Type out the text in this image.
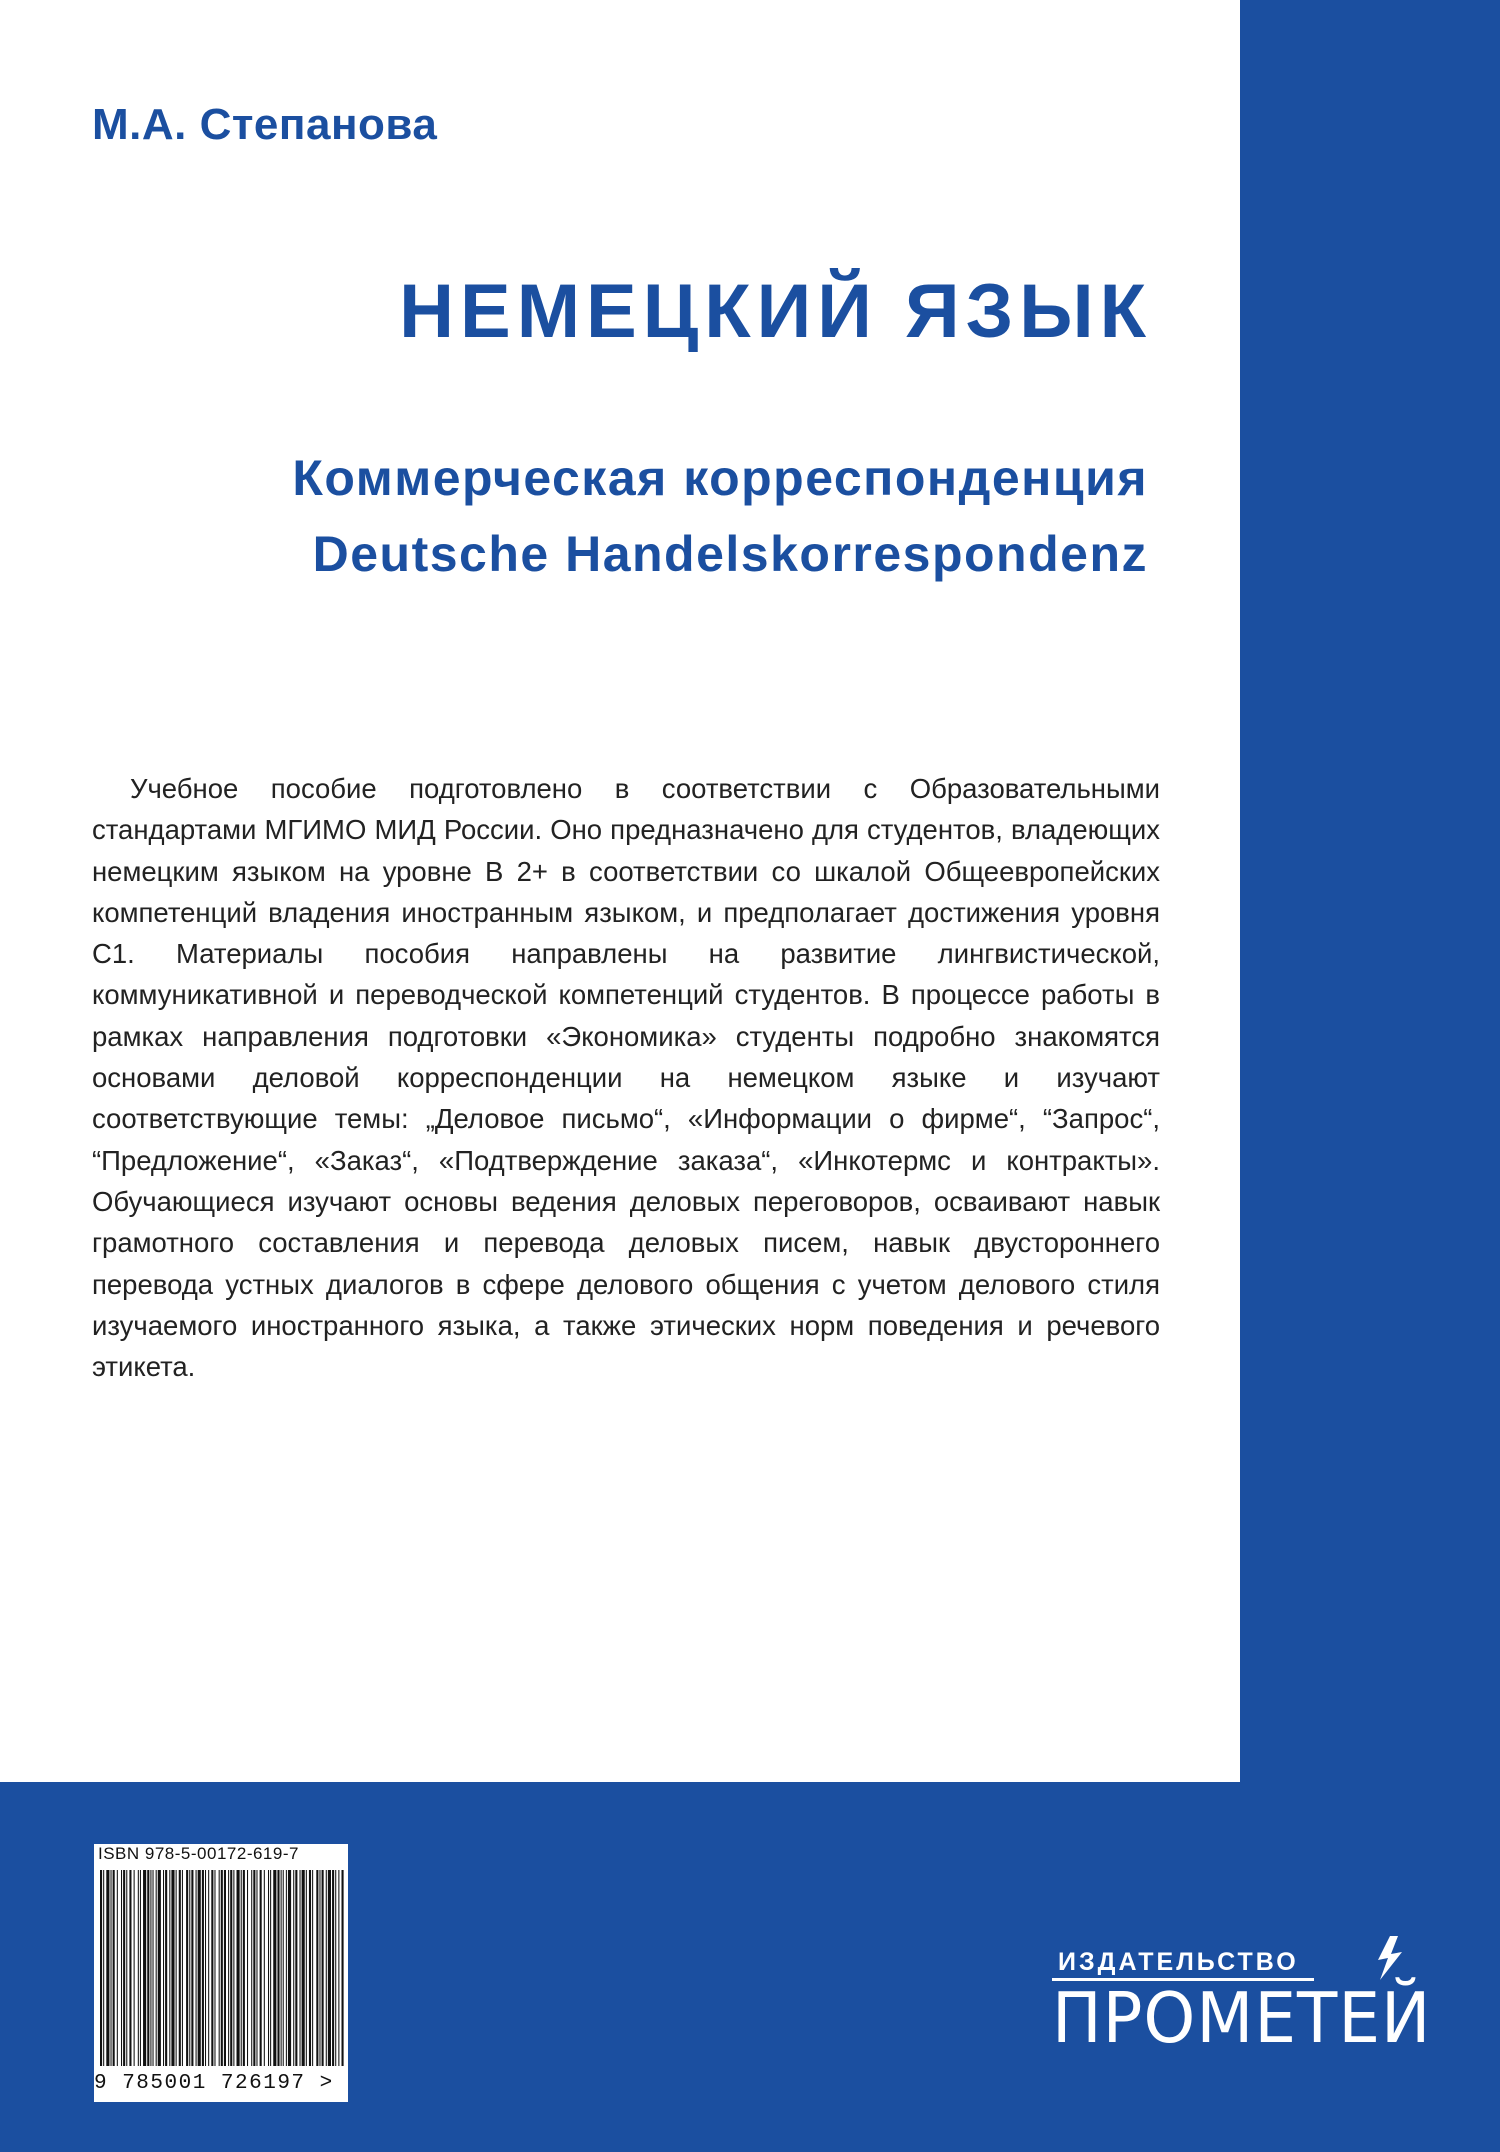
М.А. Степанова
НЕМЕЦКИЙ ЯЗЫК
Коммерческая корреспонденция
Deutsche Handelskorrespondenz
Учебное пособие подготовлено в соответствии с Образовательными стандартами МГИМО МИД России. Оно предназначено для студентов, владеющих немецким языком на уровне В 2+ в соответствии со шкалой Общеевропейских компетенций владения иностранным языком, и предполагает достижения уровня С1. Материалы пособия направлены на развитие лингвистической, коммуникативной и переводческой компетенций студентов. В процессе работы в рамках направления подготовки «Экономика» студенты подробно знакомятся основами деловой корреспонденции на немецком языке и изучают соответствующие темы: „Деловое письмо“, «Информации о фирме“, “Запрос“, “Предложение“, «Заказ“, «Подтверждение заказа“, «Инкотермс и контракты». Обучающиеся изучают основы ведения деловых переговоров, осваивают навык грамотного составления и перевода деловых писем, навык двустороннего перевода устных диалогов в сфере делового общения с учетом делового стиля изучаемого иностранного языка, а также этических норм поведения и речевого этикета.
ISBN 978-5-00172-619-7
9 785001 726197 >
ИЗДАТЕЛЬСТВО
ПРОМЕТЕЙ
